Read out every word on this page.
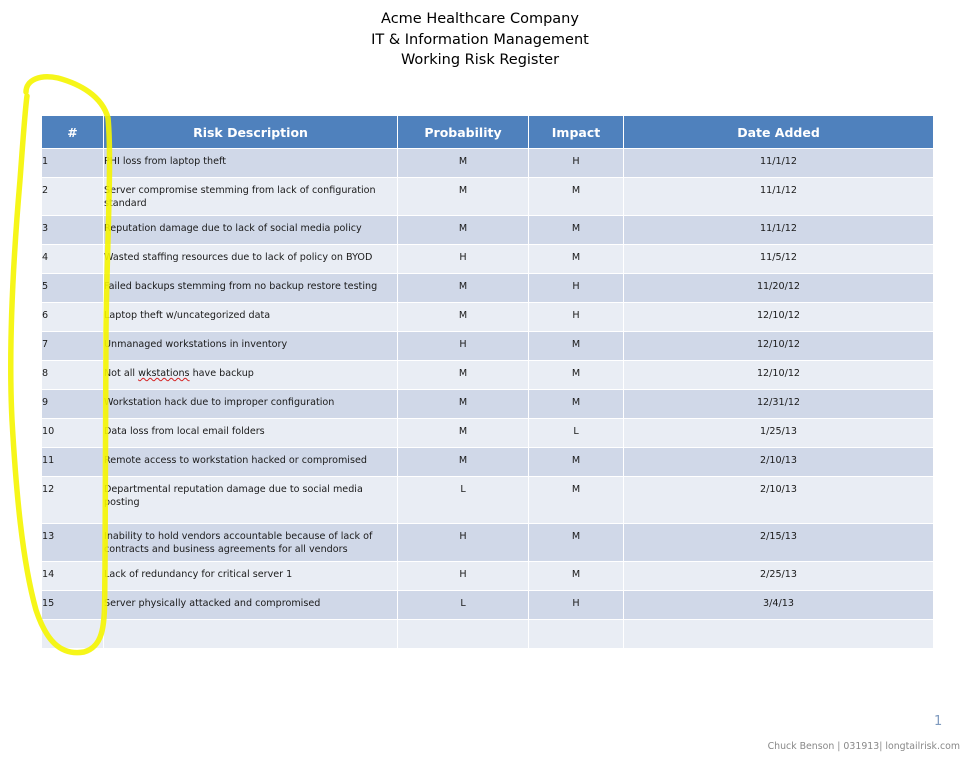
Acme Healthcare Company
IT & Information Management
Working Risk Register
#	Risk Description	Probability	Impact	Date Added
1	PHI loss from laptop theft	M	H	11/1/12
2	Server compromise stemming from lack of configuration standard	M	M	11/1/12
3	Reputation damage due to lack of social media policy	M	M	11/1/12
4	Wasted staffing resources due to lack of policy on BYOD	H	M	11/5/12
5	Failed backups stemming from no backup restore testing	M	H	11/20/12
6	Laptop theft w/uncategorized data	M	H	12/10/12
7	Unmanaged workstations in inventory	H	M	12/10/12
8	Not all wkstations have backup	M	M	12/10/12
9	Workstation hack due to improper configuration	M	M	12/31/12
10	Data loss from local email folders	M	L	1/25/13
11	Remote access to workstation hacked or compromised	M	M	2/10/13
12	Departmental reputation damage due to social media posting	L	M	2/10/13
13	Inability to hold vendors accountable because of lack of contracts and business agreements for all vendors	H	M	2/15/13
14	Lack of redundancy for critical server 1	H	M	2/25/13
15	Server physically attacked and compromised	L	H	3/4/13

1
Chuck Benson | 031913| longtailrisk.com
